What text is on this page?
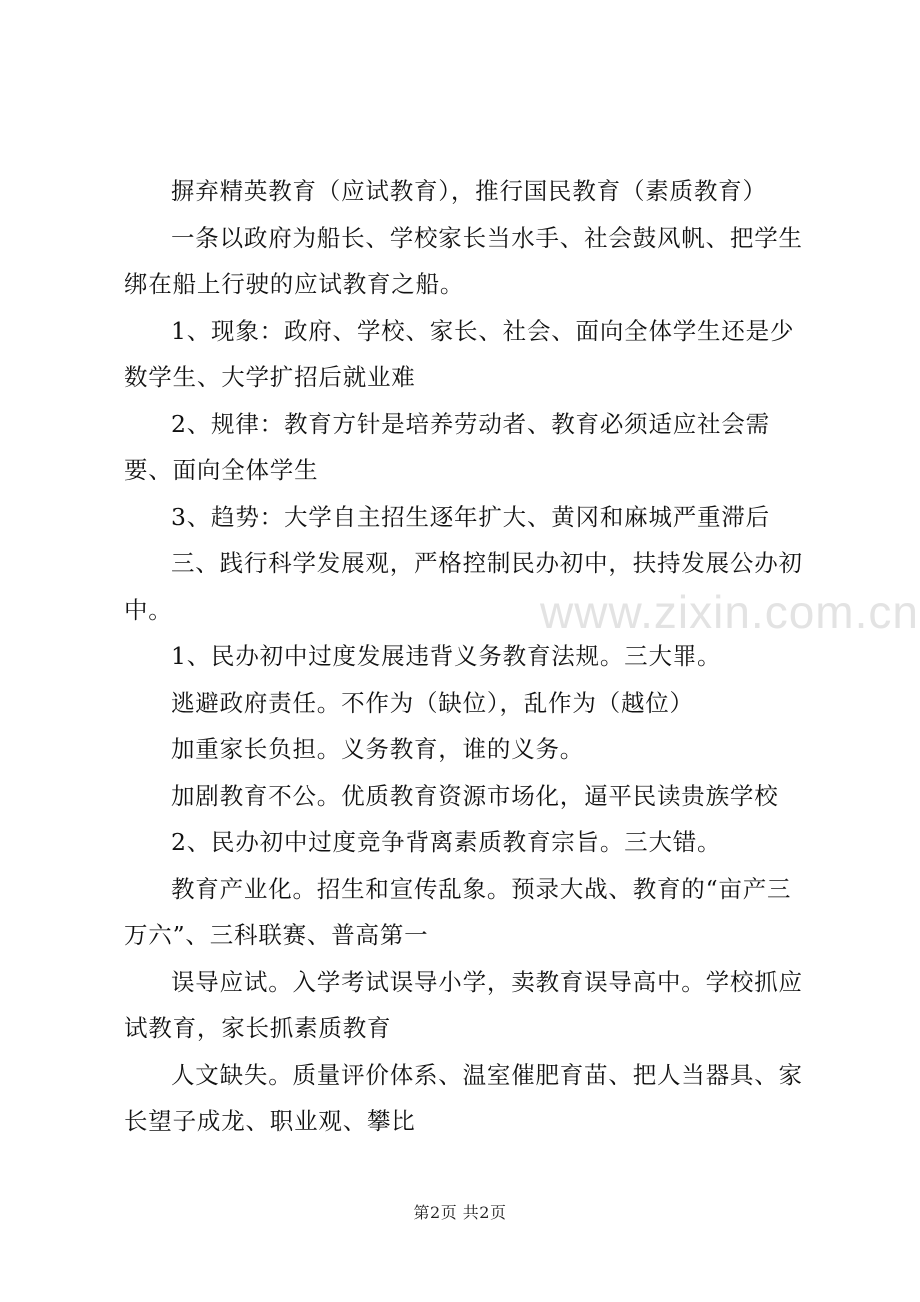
www.zixin.com.cn

摒弃精英教育（应试教育），推行国民教育（素质教育）

一条以政府为船长、学校家长当水手、社会鼓风帆、把学生绑在船上行驶的应试教育之船。

1、现象：政府、学校、家长、社会、面向全体学生还是少数学生、大学扩招后就业难

2、规律：教育方针是培养劳动者、教育必须适应社会需要、面向全体学生

3、趋势：大学自主招生逐年扩大、黄冈和麻城严重滞后

三、践行科学发展观，严格控制民办初中，扶持发展公办初中。

1、民办初中过度发展违背义务教育法规。三大罪。

逃避政府责任。不作为（缺位），乱作为（越位）

加重家长负担。义务教育，谁的义务。

加剧教育不公。优质教育资源市场化，逼平民读贵族学校

2、民办初中过度竞争背离素质教育宗旨。三大错。

教育产业化。招生和宣传乱象。预录大战、教育的“亩产三万六”、三科联赛、普高第一

误导应试。入学考试误导小学，卖教育误导高中。学校抓应试教育，家长抓素质教育

人文缺失。质量评价体系、温室催肥育苗、把人当器具、家长望子成龙、职业观、攀比

第2页 共2页
